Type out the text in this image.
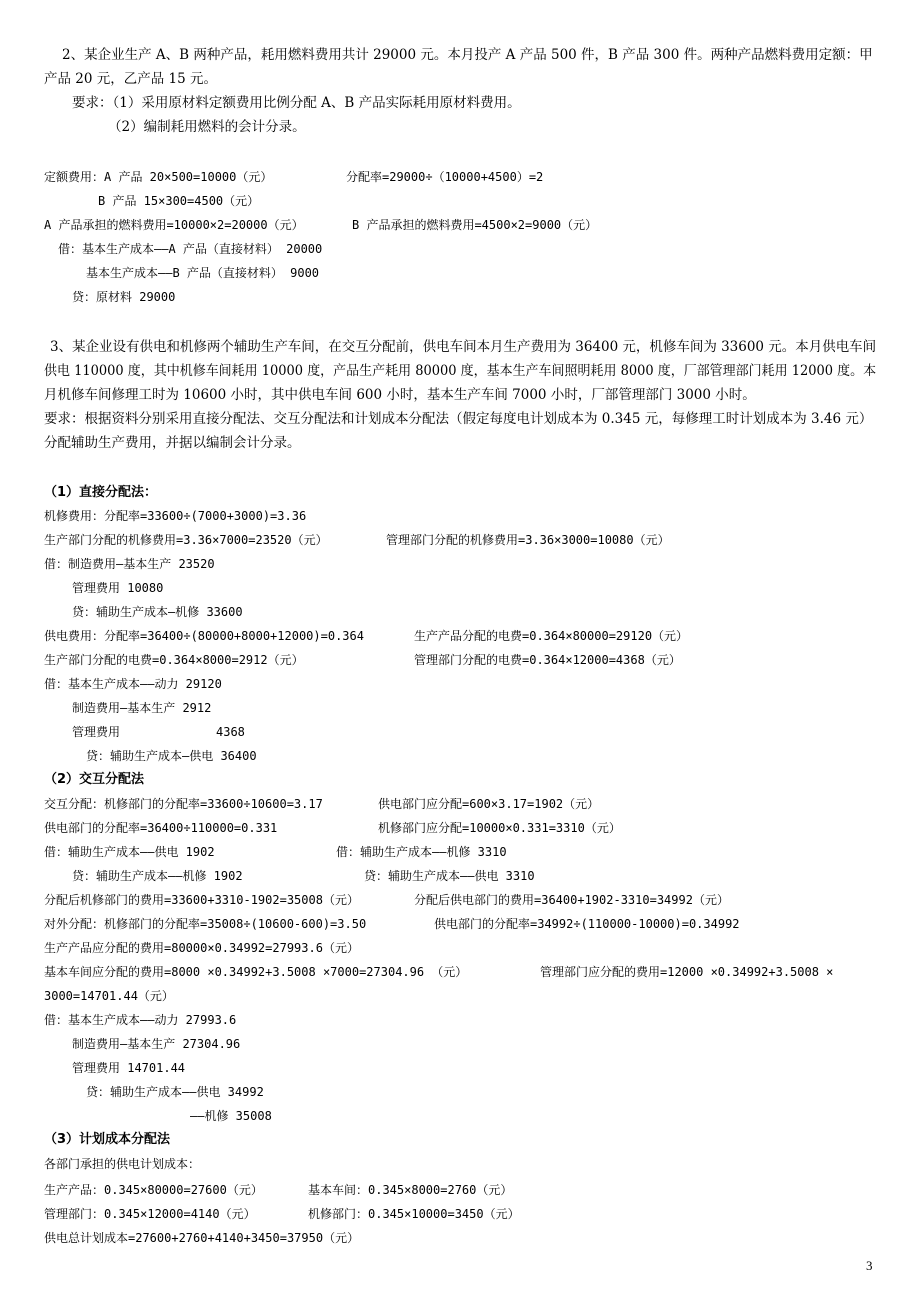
2、某企业生产 A、B 两种产品，耗用燃料费用共计 29000 元。本月投产 A 产品 500 件，B 产品 300 件。两种产品燃料费用定额：甲
产品 20 元，乙产品 15 元。
要求：（1）采用原材料定额费用比例分配 A、B 产品实际耗用原材料费用。
（2）编制耗用燃料的会计分录。
定额费用：A 产品 20×500=10000（元）	分配率=29000÷（10000+4500）=2
B 产品 15×300=4500（元）
A 产品承担的燃料费用=10000×2=20000（元）	B 产品承担的燃料费用=4500×2=9000（元）
借：基本生产成本——A 产品（直接材料） 20000
基本生产成本——B 产品（直接材料） 9000
贷：原材料 29000
3、某企业设有供电和机修两个辅助生产车间，在交互分配前，供电车间本月生产费用为 36400 元，机修车间为 33600 元。本月供电车间
供电 110000 度，其中机修车间耗用 10000 度，产品生产耗用 80000 度，基本生产车间照明耗用 8000 度，厂部管理部门耗用 12000 度。本
月机修车间修理工时为 10600 小时，其中供电车间 600 小时，基本生产车间 7000 小时，厂部管理部门 3000 小时。
要求：根据资料分别采用直接分配法、交互分配法和计划成本分配法（假定每度电计划成本为 0.345 元，每修理工时计划成本为 3.46 元）
分配辅助生产费用，并据以编制会计分录。
（1）直接分配法：
机修费用：分配率=33600÷(7000+3000)=3.36
生产部门分配的机修费用=3.36×7000=23520（元）	管理部门分配的机修费用=3.36×3000=10080（元）
借：制造费用—基本生产 23520
管理费用 10080
贷：辅助生产成本—机修 33600
供电费用：分配率=36400÷(80000+8000+12000)=0.364	生产产品分配的电费=0.364×80000=29120（元）
生产部门分配的电费=0.364×8000=2912（元）	管理部门分配的电费=0.364×12000=4368（元）
借：基本生产成本——动力 29120
制造费用—基本生产 2912
管理费用	4368
贷：辅助生产成本—供电 36400
（2）交互分配法
交互分配：机修部门的分配率=33600÷10600=3.17	供电部门应分配=600×3.17=1902（元）
供电部门的分配率=36400÷110000=0.331	机修部门应分配=10000×0.331=3310（元）
借：辅助生产成本——供电 1902	借：辅助生产成本——机修 3310
贷：辅助生产成本——机修 1902	贷：辅助生产成本——供电 3310
分配后机修部门的费用=33600+3310-1902=35008（元）	分配后供电部门的费用=36400+1902-3310=34992（元）
对外分配：机修部门的分配率=35008÷(10600-600)=3.50	供电部门的分配率=34992÷(110000-10000)=0.34992
生产产品应分配的费用=80000×0.34992=27993.6（元）
基本车间应分配的费用=8000 ×0.34992+3.5008 ×7000=27304.96 （元）	管理部门应分配的费用=12000 ×0.34992+3.5008 ×
3000=14701.44（元）
借：基本生产成本——动力 27993.6
制造费用—基本生产 27304.96
管理费用 14701.44
贷：辅助生产成本——供电 34992
——机修 35008
（3）计划成本分配法
各部门承担的供电计划成本：
生产产品：0.345×80000=27600（元）	基本车间：0.345×8000=2760（元）
管理部门：0.345×12000=4140（元）	机修部门：0.345×10000=3450（元）
供电总计划成本=27600+2760+4140+3450=37950（元）
3
